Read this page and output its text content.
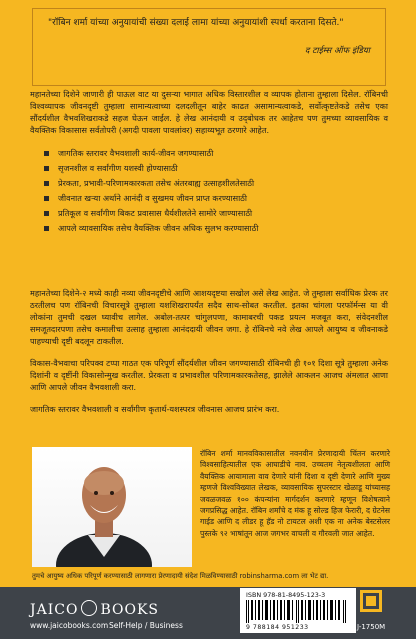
"रॉबिन शर्मा यांच्या अनुयायांची संख्या दलाई लामा यांच्या अनुयायांशी स्पर्धा करताना दिसते."
द टाईम्स ऑफ इंडिया
महानतेच्या दिशेने जाणारी ही पाऊल वाट या दुसऱ्या भागात अधिक विस्तारशील व व्यापक होताना तुम्हाला दिसेल. रॉबिनची विश्वव्यापक जीवनदृष्टी तुम्हाला सामान्यत्वाच्या दलदलीतून बाहेर काढत असामान्यत्वाकडे, सर्वोत्कृष्टतेकडे तसेच एका सौंदर्यशील वैभवशिखराकडे सहज घेऊन जाईल. हे लेख आनंदायी व उद्‌बोधक तर आहेतच पण तुमच्या व्यावसायिक व वैयक्तिक विकासास सर्वतोपरी (अगदी पावला पावलांवर) सहाय्यभूत ठरणारे आहेत.
जागतिक स्तरावर वैभवशाली कार्य-जीवन जगण्यासाठी
सृजनशील व सर्वांगीण यशस्वी होण्यासाठी
प्रेरकता, प्रभावी-परिणामकारकता तसेच अंतरबाह्य उत्साहशीलतेसाठी
जीवनात खऱ्या अर्थाने आनंदी व सुखमय जीवन प्राप्त करण्यासाठी
प्रतिकूल व सर्वांगीण बिकट प्रवासास धैर्यशीलतेने सामोरे जाण्यासाठी
आपले व्यावसायिक तसेच वैयक्तिक जीवन अधिक सुलभ करण्यासाठी
महानतेच्या दिशेने-२ मध्ये काही नव्या जीवनदृष्टीचे आणि आशयदृष्टया सखोल असे लेख आहेत. जे तुम्हाला सर्वाधिक प्रेरक तर ठरतीलच पण रॉबिनची विचारसूत्रे तुम्हाला यशशिखरापर्यंत सदैव साथ-सोबत करतील. इतका चांगला परफॉर्मन्स या वी लोकांना तुमची दखल घ्यावीच लागेल. अबोल-तत्पर चांगुलपणा, कामाबरची पकड प्रयत्न मजबूत करा, संवेदनशील समजूतदारपणा तसेच कमालीचा उत्साह तुम्हाला आनंददायी जीवन जगा. हे रॉबिनचे नवे लेख आपले आयुष्य व जीवनाकडे पाहण्याची दृष्टी बदलून टाकतील.
विकास-वैभवाचा परिपक्व टप्पा गाठत एक परिपूर्ण सौंदर्यशील जीवन जगण्यासाठी रॉबिनची ही १०१ दिशा सूत्रे तुम्हाला अनेक दिशांनी व दृष्टींनी विकासोन्मुख करतील. प्रेरकता व प्रभावशील परिणामकारकतेसह, झालेले आकलन आजच अंमलात आणा आणि आपले जीवन वैभवशाली करा.
जागतिक स्तरावर वैभवशाली व सर्वांगीण कृतार्थ-यशस्परत्र जीवनास आजच प्रारंभ करा.
रॉबिन शर्मा मानवविकासातील नवनवीन प्रेरणादायी चिंतन करणारे विश्वसाहित्यातील एक आघाडीचे नाव. उच्चतम नेतृत्वशीलता आणि वैयक्तिक आयामाला वाव देणारे यांनी दिशा व दृष्टी देणारे आणि मुख्य म्हणजे विश्वविख्यात लेखक, व्यावसायिक सुपरस्टार खेळाडू यांच्यासह जवळजवळ १०० कंपन्यांना मार्गदर्शन करणारे म्हणून विशेषत्वाने जगप्रसिद्ध आहेत. रॉबिन शर्मांचे द मंक हू सोल्ड हिज फेरारी, द ग्रेटनेस गाईड आणि द लीडर हू हॅड नो टायटल अशी एक ना अनेक बेस्टसेलर पुस्तके ९२ भाषांतून आज जगभर वाचली व गौरवली जात आहेत.
तुमचे आयुष्य अधिक परिपूर्ण करण्यासाठी लागणारा प्रेरणादायी संदेश मिळविण्यासाठी robinsharma.com ला भेट द्या.
JAICO BOOKS
www.jaicobooks.com Self-Help / Business
ISBN 978-81-8495-123-3
9 788184 951233	J-1750M
